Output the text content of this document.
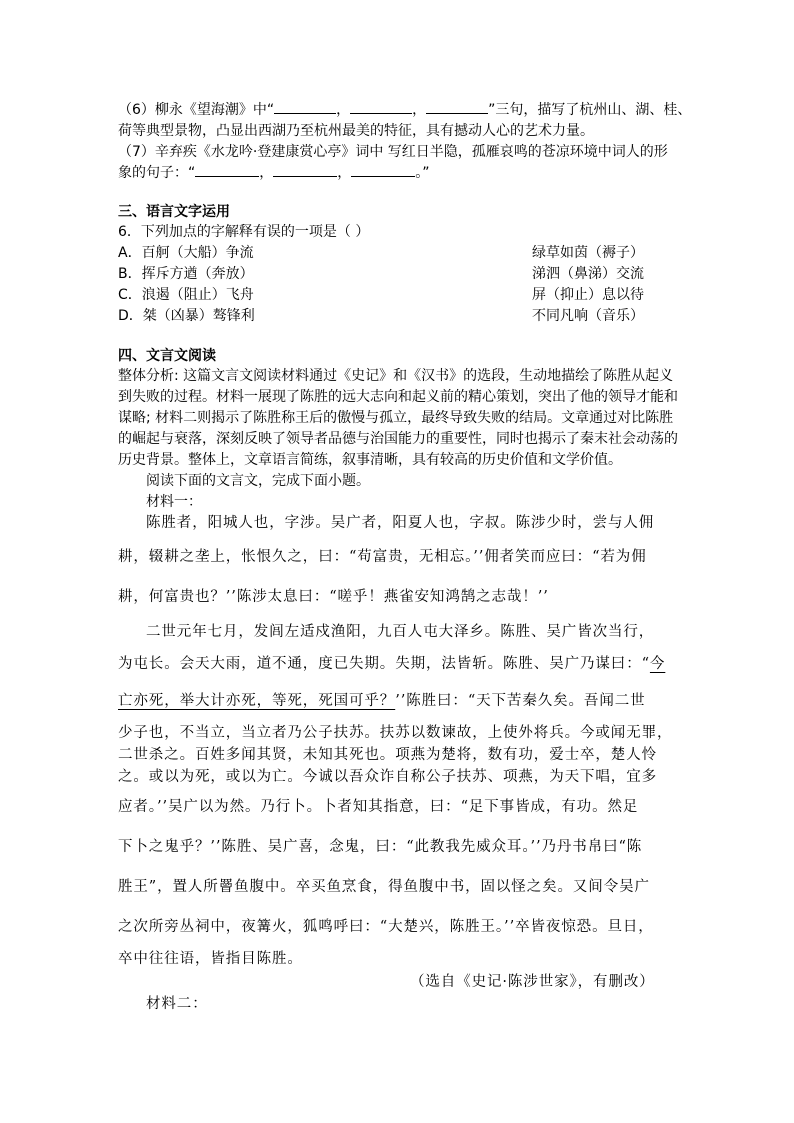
（6）柳永《望海潮》中“	，	，	”三句，描写了杭州山、湖、桂、
荷等典型景物，凸显出西湖乃至杭州最美的特征，具有撼动人心的艺术力量。
（7）辛弃疾《水龙吟·登建康赏心亭》词中 写红日半隐，孤雁哀鸣的苍凉环境中词人的形
象的句子：“	，	，	。”
三、语言文字运用
6．下列加点的字解释有误的一项是（ ）
A．百舸（大船）争流	绿草如茵（褥子）
B．挥斥方遒（奔放）	涕泗（鼻涕）交流
C．浪遏（阻止）飞舟	屏（抑止）息以待
D．桀（凶暴）骜锋利	不同凡响（音乐）
四、文言文阅读
整体分析: 这篇文言文阅读材料通过《史记》和《汉书》的选段，生动地描绘了陈胜从起义
到失败的过程。材料一展现了陈胜的远大志向和起义前的精心策划，突出了他的领导才能和
谋略; 材料二则揭示了陈胜称王后的傲慢与孤立，最终导致失败的结局。文章通过对比陈胜
的崛起与衰落，深刻反映了领导者品德与治国能力的重要性，同时也揭示了秦末社会动荡的
历史背景。整体上，文章语言简练，叙事清晰，具有较高的历史价值和文学价值。
阅读下面的文言文，完成下面小题。
材料一：
陈胜者，阳城人也，字涉。吴广者，阳夏人也，字叔。陈涉少时，尝与人佣
耕，辍耕之垄上，怅恨久之，曰：“苟富贵，无相忘。’’佣者笑而应曰：“若为佣
耕，何富贵也？’’陈涉太息曰：“嗟乎！燕雀安知鸿鹄之志哉！’’
二世元年七月，发闾左适戍渔阳，九百人屯大泽乡。陈胜、吴广皆次当行，
为屯长。会天大雨，道不通，度已失期。失期，法皆斩。陈胜、吴广乃谋曰：“今
亡亦死，举大计亦死，等死，死国可乎？’’陈胜曰：“天下苦秦久矣。吾闻二世
少子也，不当立，当立者乃公子扶苏。扶苏以数谏故，上使外将兵。今或闻无罪，
二世杀之。百姓多闻其贤，未知其死也。项燕为楚将，数有功，爱士卒，楚人怜
之。或以为死，或以为亡。今诚以吾众诈自称公子扶苏、项燕，为天下唱，宜多
应者。’’吴广以为然。乃行卜。卜者知其指意，曰：“足下事皆成，有功。然足
下卜之鬼乎？’’陈胜、吴广喜，念鬼，曰：“此教我先威众耳。’’乃丹书帛曰“陈
胜王”，置人所罾鱼腹中。卒买鱼烹食，得鱼腹中书，固以怪之矣。又间令吴广
之次所旁丛祠中，夜篝火，狐鸣呼曰：“大楚兴，陈胜王。’’卒皆夜惊恐。旦日，
卒中往往语，皆指目陈胜。
（选自《史记·陈涉世家》，有删改）
材料二：
